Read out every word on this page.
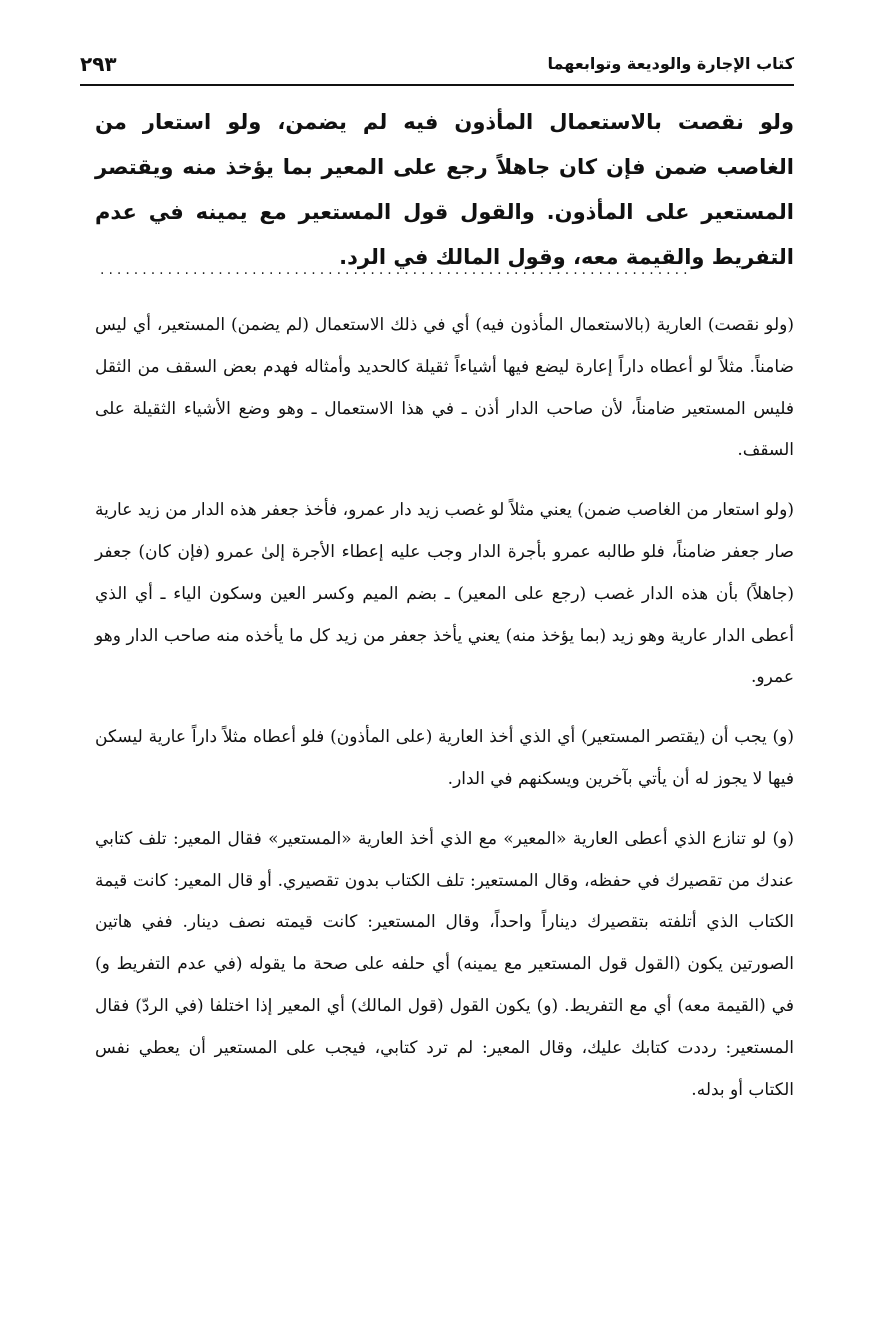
كتاب الإجارة والوديعة وتوابعهما
٢٩٣

ولو نقصت بالاستعمال المأذون فيه لم يضمن، ولو استعار من الغاصب ضمن فإن كان جاهلاً رجع على المعير بما يؤخذ منه ويقتصر المستعير على المأذون. والقول قول المستعير مع يمينه في عدم التفريط والقيمة معه، وقول المالك في الرد.

......................................................................

(ولو نقصت) العارية (بالاستعمال المأذون فيه) أي في ذلك الاستعمال (لم يضمن) المستعير، أي ليس ضامناً. مثلاً لو أعطاه داراً إعارة ليضع فيها أشياءاً ثقيلة كالحديد وأمثاله فهدم بعض السقف من الثقل فليس المستعير ضامناً، لأن صاحب الدار أذن ـ في هذا الاستعمال ـ وهو وضع الأشياء الثقيلة على السقف.

(ولو استعار من الغاصب ضمن) يعني مثلاً لو غصب زيد دار عمرو، فأخذ جعفر هذه الدار من زيد عارية صار جعفر ضامناً، فلو طالبه عمرو بأجرة الدار وجب عليه إعطاء الأجرة إلىٰ عمرو (فإن كان) جعفر (جاهلاً) بأن هذه الدار غصب (رجع على المعير) ـ بضم الميم وكسر العين وسكون الياء ـ أي الذي أعطى الدار عارية وهو زيد (بما يؤخذ منه) يعني يأخذ جعفر من زيد كل ما يأخذه منه صاحب الدار وهو عمرو.

(و) يجب أن (يقتصر المستعير) أي الذي أخذ العارية (على المأذون) فلو أعطاه مثلاً داراً عارية ليسكن فيها لا يجوز له أن يأتي بآخرين ويسكنهم في الدار.

(و) لو تنازع الذي أعطى العارية «المعير» مع الذي أخذ العارية «المستعير» فقال المعير: تلف كتابي عندك من تقصيرك في حفظه، وقال المستعير: تلف الكتاب بدون تقصيري. أو قال المعير: كانت قيمة الكتاب الذي أتلفته بتقصيرك ديناراً واحداً، وقال المستعير: كانت قيمته نصف دينار. ففي هاتين الصورتين يكون (القول قول المستعير مع يمينه) أي حلفه على صحة ما يقوله (في عدم التفريط و) في (القيمة معه) أي مع التفريط. (و) يكون القول (قول المالك) أي المعير إذا اختلفا (في الردّ) فقال المستعير: رددت كتابك عليك، وقال المعير: لم ترد كتابي، فيجب على المستعير أن يعطي نفس الكتاب أو بدله.
